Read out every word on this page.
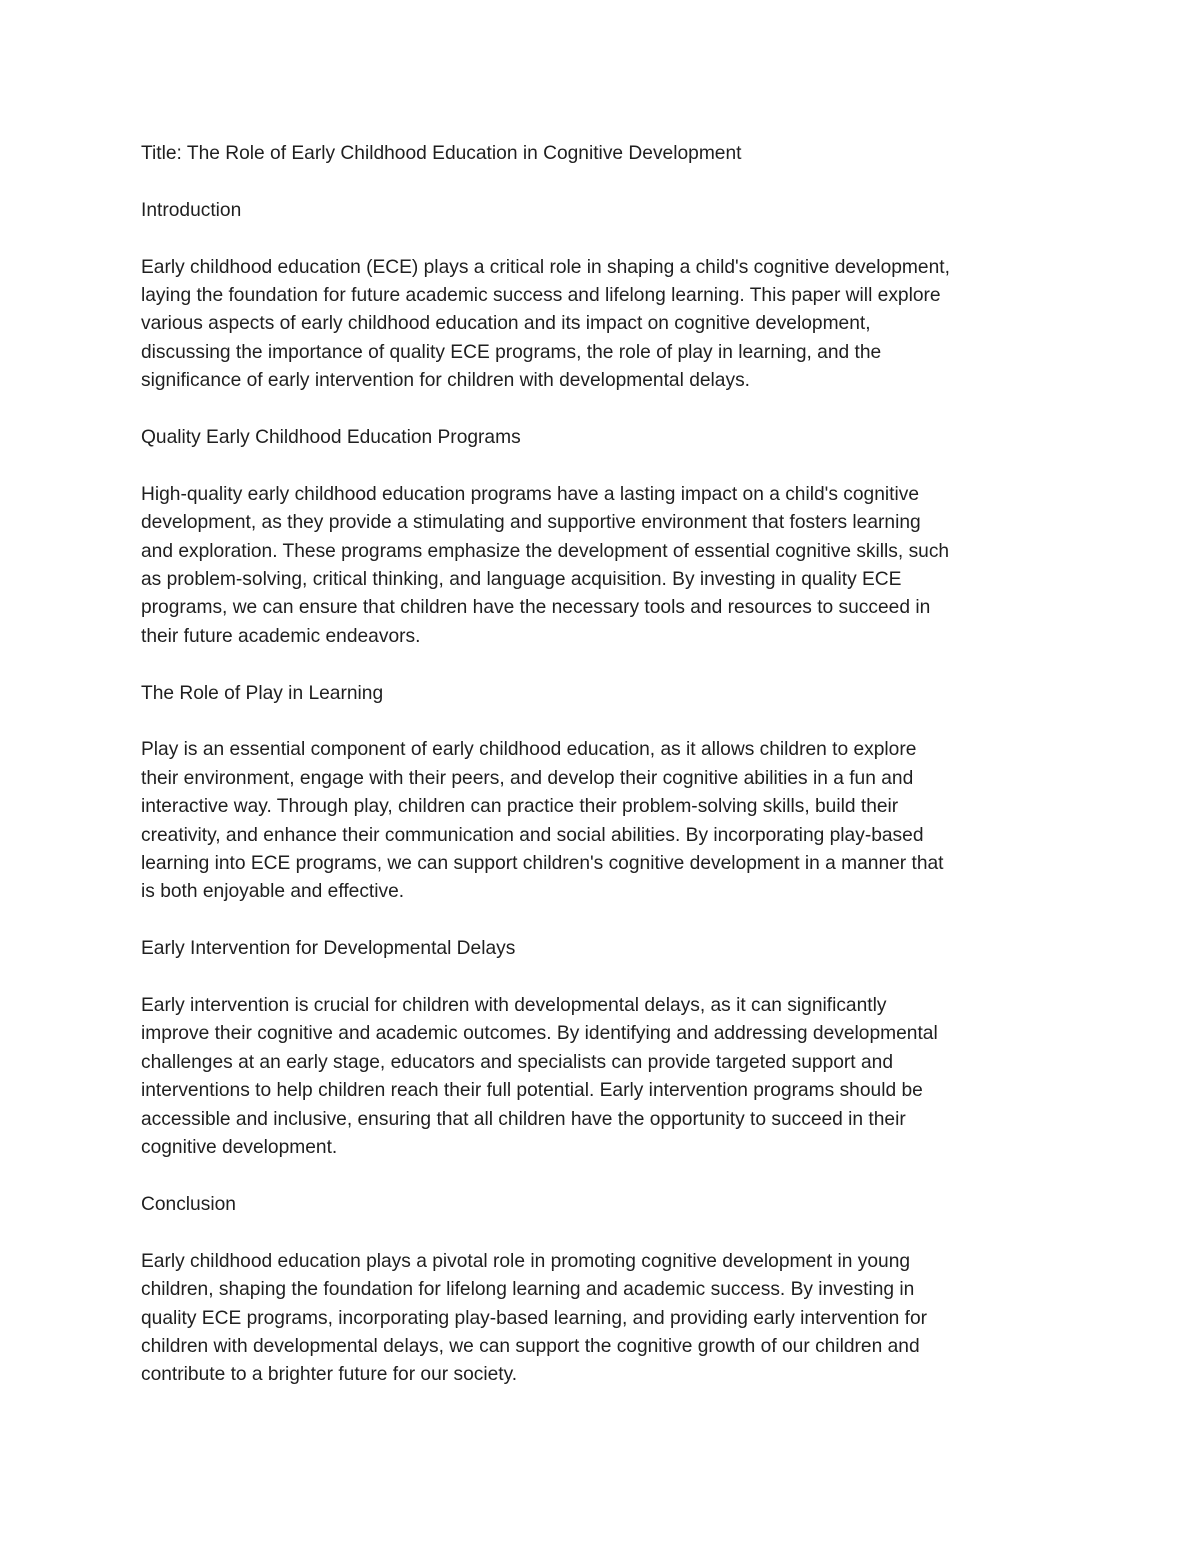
Title: The Role of Early Childhood Education in Cognitive Development

Introduction

Early childhood education (ECE) plays a critical role in shaping a child's cognitive development,
laying the foundation for future academic success and lifelong learning. This paper will explore
various aspects of early childhood education and its impact on cognitive development,
discussing the importance of quality ECE programs, the role of play in learning, and the
significance of early intervention for children with developmental delays.

Quality Early Childhood Education Programs

High-quality early childhood education programs have a lasting impact on a child's cognitive
development, as they provide a stimulating and supportive environment that fosters learning
and exploration. These programs emphasize the development of essential cognitive skills, such
as problem-solving, critical thinking, and language acquisition. By investing in quality ECE
programs, we can ensure that children have the necessary tools and resources to succeed in
their future academic endeavors.

The Role of Play in Learning

Play is an essential component of early childhood education, as it allows children to explore
their environment, engage with their peers, and develop their cognitive abilities in a fun and
interactive way. Through play, children can practice their problem-solving skills, build their
creativity, and enhance their communication and social abilities. By incorporating play-based
learning into ECE programs, we can support children's cognitive development in a manner that
is both enjoyable and effective.

Early Intervention for Developmental Delays

Early intervention is crucial for children with developmental delays, as it can significantly
improve their cognitive and academic outcomes. By identifying and addressing developmental
challenges at an early stage, educators and specialists can provide targeted support and
interventions to help children reach their full potential. Early intervention programs should be
accessible and inclusive, ensuring that all children have the opportunity to succeed in their
cognitive development.

Conclusion

Early childhood education plays a pivotal role in promoting cognitive development in young
children, shaping the foundation for lifelong learning and academic success. By investing in
quality ECE programs, incorporating play-based learning, and providing early intervention for
children with developmental delays, we can support the cognitive growth of our children and
contribute to a brighter future for our society.
